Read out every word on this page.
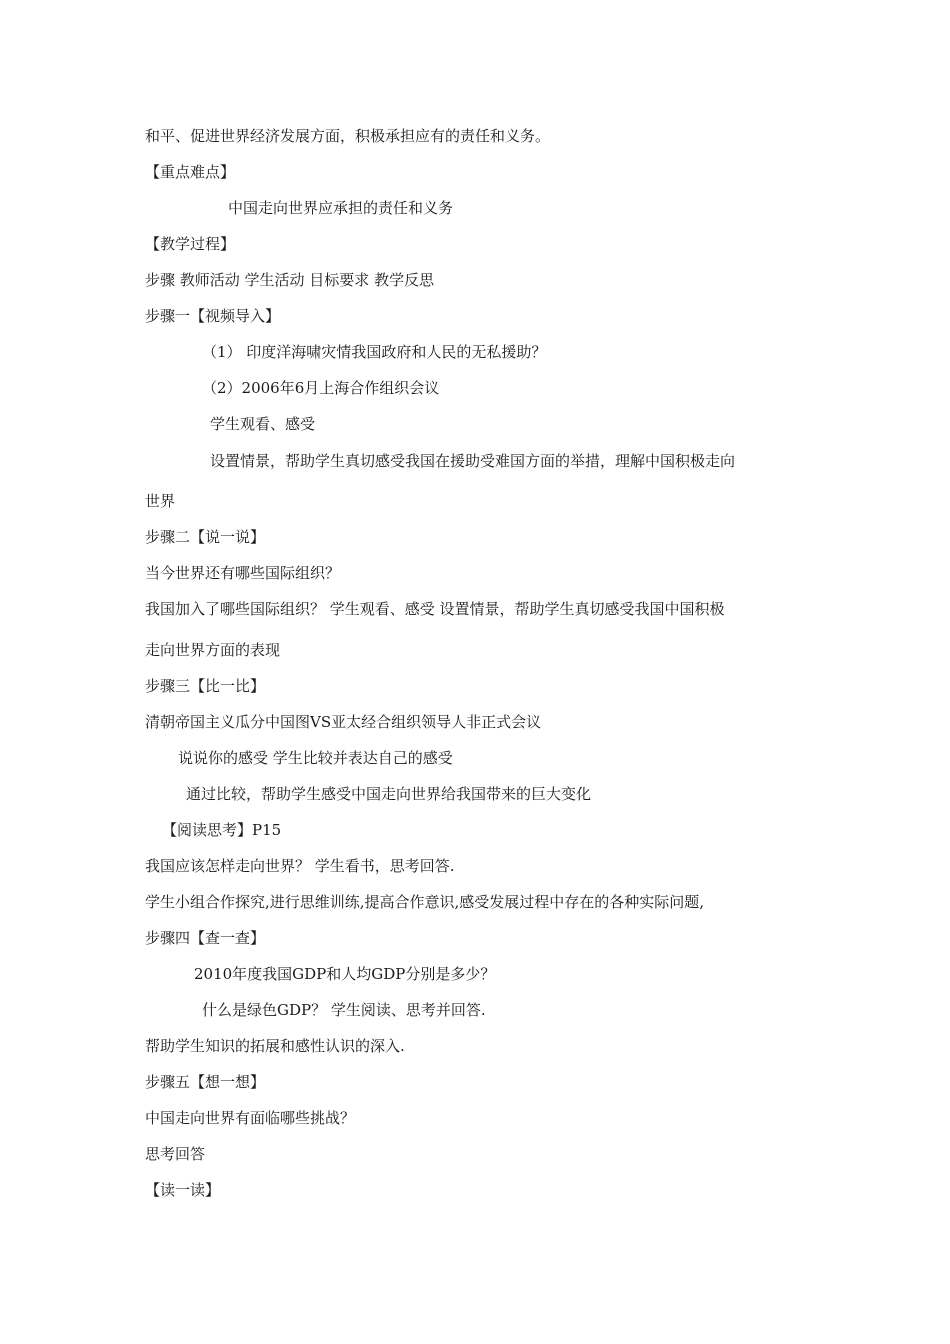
和平、促进世界经济发展方面，积极承担应有的责任和义务。
【重点难点】
中国走向世界应承担的责任和义务
【教学过程】
步骤 教师活动 学生活动 目标要求 教学反思
步骤一【视频导入】
（1） 印度洋海啸灾情我国政府和人民的无私援助？
（2）2006年6月上海合作组织会议
学生观看、感受
设置情景，帮助学生真切感受我国在援助受难国方面的举措，理解中国积极走向
世界
步骤二【说一说】
当今世界还有哪些国际组织？
我国加入了哪些国际组织？ 学生观看、感受 设置情景，帮助学生真切感受我国中国积极
走向世界方面的表现
步骤三【比一比】
清朝帝国主义瓜分中国图VS亚太经合组织领导人非正式会议
说说你的感受 学生比较并表达自己的感受
通过比较，帮助学生感受中国走向世界给我国带来的巨大变化
【阅读思考】P15
我国应该怎样走向世界？ 学生看书，思考回答.
学生小组合作探究,进行思维训练,提高合作意识,感受发展过程中存在的各种实际问题,
步骤四【查一查】
2010年度我国GDP和人均GDP分别是多少？
什么是绿色GDP？ 学生阅读、思考并回答.
帮助学生知识的拓展和感性认识的深入.
步骤五【想一想】
中国走向世界有面临哪些挑战？
思考回答
【读一读】
